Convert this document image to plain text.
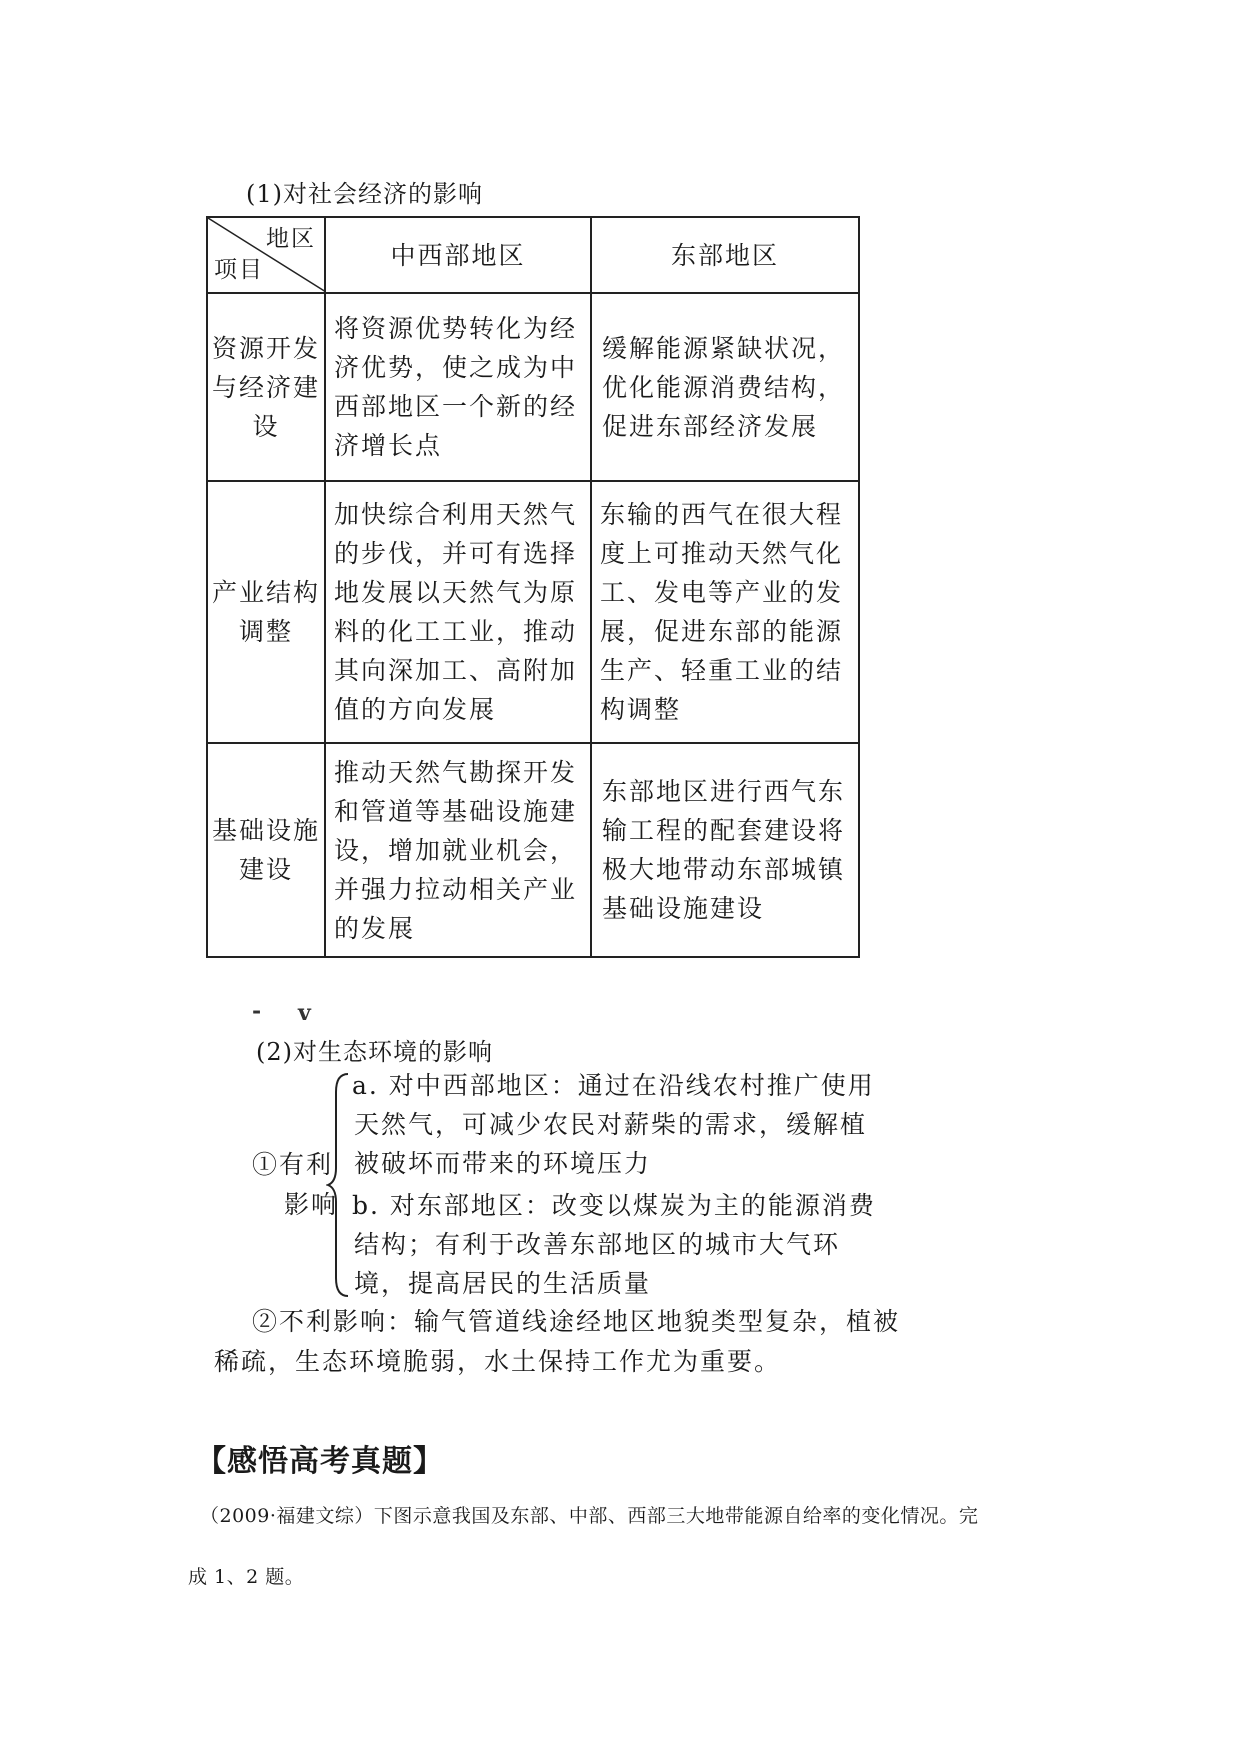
(1)对社会经济的影响
地区
项目	中西部地区	东部地区
资源开发与经济建设	将资源优势转化为经济优势，使之成为中西部地区一个新的经济增长点	缓解能源紧缺状况，优化能源消费结构，促进东部经济发展
产业结构调整	加快综合利用天然气的步伐，并可有选择地发展以天然气为原料的化工工业，推动其向深加工、高附加值的方向发展	东输的西气在很大程度上可推动天然气化工、发电等产业的发展，促进东部的能源生产、轻重工业的结构调整
基础设施建设	推动天然气勘探开发和管道等基础设施建设，增加就业机会，并强力拉动相关产业的发展	东部地区进行西气东输工程的配套建设将极大地带动东部城镇基础设施建设
- v
(2)对生态环境的影响
①有利
影响
a. 对中西部地区：通过在沿线农村推广使用
天然气，可减少农民对薪柴的需求，缓解植
被破坏而带来的环境压力
b. 对东部地区：改变以煤炭为主的能源消费
结构；有利于改善东部地区的城市大气环
境，提高居民的生活质量
②不利影响：输气管道线途经地区地貌类型复杂，植被
稀疏，生态环境脆弱，水土保持工作尤为重要。
【感悟高考真题】
（2009·福建文综）下图示意我国及东部、中部、西部三大地带能源自给率的变化情况。完
成 1、2 题。
